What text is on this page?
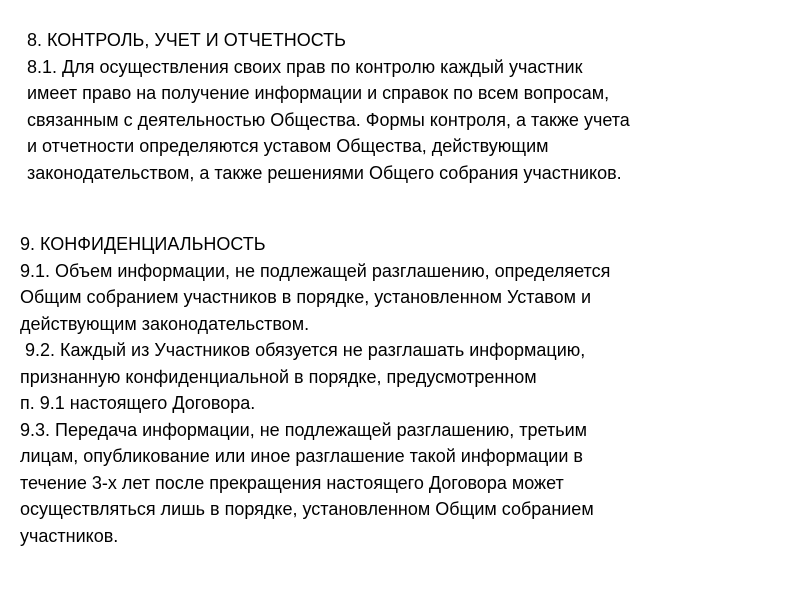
8. КОНТРОЛЬ, УЧЕТ И ОТЧЕТНОСТЬ
8.1. Для осуществления своих прав по контролю каждый участник
имеет право на получение информации и справок по всем вопросам,
связанным с деятельностью Общества. Формы контроля, а также учета
и отчетности определяются уставом Общества, действующим
законодательством, а также решениями Общего собрания участников.
9. КОНФИДЕНЦИАЛЬНОСТЬ
9.1. Объем информации, не подлежащей разглашению, определяется
Общим собранием участников в порядке, установленном Уставом и
действующим законодательством.
9.2. Каждый из Участников обязуется не разглашать информацию,
признанную конфиденциальной в порядке, предусмотренном
п. 9.1 настоящего Договора.
9.3. Передача информации, не подлежащей разглашению, третьим
лицам, опубликование или иное разглашение такой информации в
течение 3-х лет после прекращения настоящего Договора может
осуществляться лишь в порядке, установленном Общим собранием
участников.
